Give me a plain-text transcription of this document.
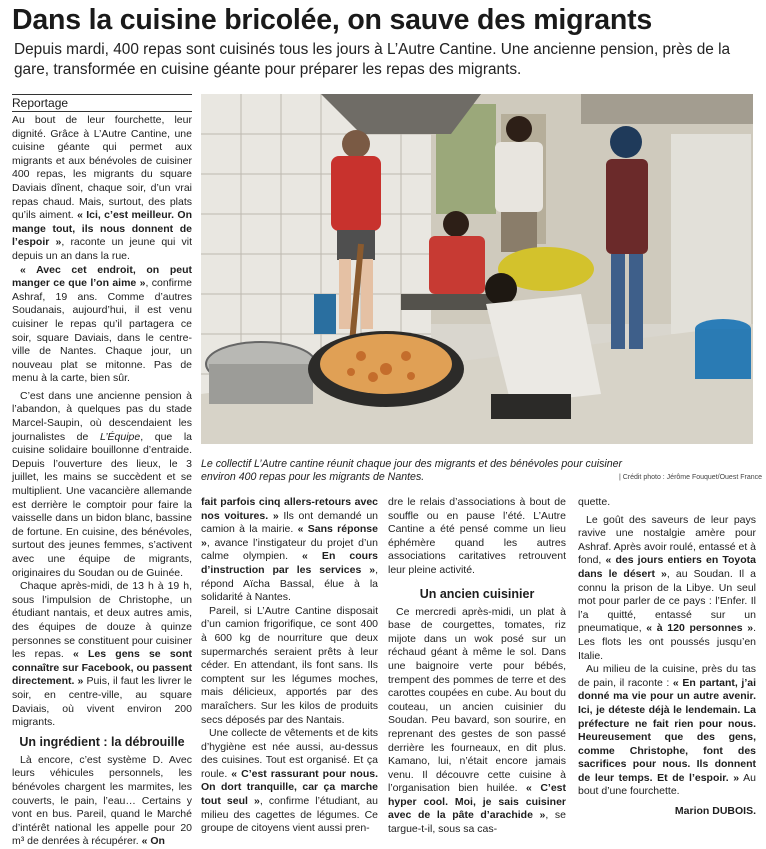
Dans la cuisine bricolée, on sauve des migrants
Depuis mardi, 400 repas sont cuisinés tous les jours à L’Autre Cantine. Une ancienne pension, près de la gare, transformée en cuisine géante pour préparer les repas des migrants.
Reportage
Le collectif L’Autre cantine réunit chaque jour des migrants et des bénévoles pour cuisiner environ 400 repas pour les migrants de Nantes.	| Crédit photo : Jérôme Fouquet/Ouest France

Au bout de leur fourchette, leur dignité. Grâce à L’Autre Cantine, une cuisine géante qui permet aux migrants et aux bénévoles de cuisiner 400 repas, les migrants du square Daviais dînent, chaque soir, d’un vrai repas chaud. Mais, surtout, des plats qu’ils aiment. « Ici, c’est meilleur. On mange tout, ils nous donnent de l’espoir », raconte un jeune qui vit depuis un an dans la rue.

« Avec cet endroit, on peut manger ce que l’on aime », confirme Ashraf, 19 ans. Comme d’autres Soudanais, aujourd’hui, il est venu cuisiner le repas qu’il partagera ce soir, square Daviais, dans le centre-ville de Nantes. Chaque jour, un nouveau plat se mitonne. Pas de menu à la carte, bien sûr.

C’est dans une ancienne pension à l’abandon, à quelques pas du stade Marcel-Saupin, où descendaient les journalistes de L’Équipe, que la cuisine solidaire bouillonne d’entraide. Depuis l’ouverture des lieux, le 3 juillet, les mains se succèdent et se multiplient. Une vacancière allemande est derrière le comptoir pour faire la vaisselle dans un bidon blanc, bassine de fortune. En cuisine, des bénévoles, surtout des jeunes femmes, s’activent avec une équipe de migrants, originaires du Soudan ou de Guinée.

Chaque après-midi, de 13 h à 19 h, sous l’impulsion de Christophe, un étudiant nantais, et deux autres amis, des équipes de douze à quinze personnes se constituent pour cuisiner les repas. « Les gens se sont connaître sur Facebook, ou passent directement. » Puis, il faut les livrer le soir, en centre-ville, au square Daviais, où vivent environ 200 migrants.

Un ingrédient : la débrouille

Là encore, c’est système D. Avec leurs véhicules personnels, les bénévoles chargent les marmites, les couverts, le pain, l’eau… Certains y vont en bus. Pareil, quand le Marché d’intérêt national les appelle pour 20 m³ de denrées à récupérer. « On

fait parfois cinq allers-retours avec nos voitures. » Ils ont demandé un camion à la mairie. « Sans réponse », avance l’instigateur du projet d’un calme olympien. « En cours d’instruction par les services », répond Aïcha Bassal, élue à la solidarité à Nantes.

Pareil, si L’Autre Cantine disposait d’un camion frigorifique, ce sont 400 à 600 kg de nourriture que deux supermarchés seraient prêts à leur céder. En attendant, ils font sans. Ils comptent sur les légumes moches, mais délicieux, apportés par des maraîchers. Sur les kilos de produits secs déposés par des Nantais.

Une collecte de vêtements et de kits d’hygiène est née aussi, au-dessus des cuisines. Tout est organisé. Et ça roule. « C’est rassurant pour nous. On dort tranquille, car ça marche tout seul », confirme l’étudiant, au milieu des cagettes de légumes. Ce groupe de citoyens vient aussi pren-

dre le relais d’associations à bout de souffle ou en pause l’été. L’Autre Cantine a été pensé comme un lieu éphémère quand les autres associations caritatives retrouvent leur pleine activité.

Un ancien cuisinier

Ce mercredi après-midi, un plat à base de courgettes, tomates, riz mijote dans un wok posé sur un réchaud géant à même le sol. Dans une baignoire verte pour bébés, trempent des pommes de terre et des carottes coupées en cube. Au bout du couteau, un ancien cuisinier du Soudan. Peu bavard, son sourire, en reprenant des gestes de son passé derrière les fourneaux, en dit plus. Kamano, lui, n’était encore jamais venu. Il découvre cette cuisine à l’organisation bien huilée. « C’est hyper cool. Moi, je sais cuisiner avec de la pâte d’arachide », se targue-t-il, sous sa cas-

quette.

Le goût des saveurs de leur pays ravive une nostalgie amère pour Ashraf. Après avoir roulé, entassé et à fond, « des jours entiers en Toyota dans le désert », au Soudan. Il a connu la prison de la Libye. Un seul mot pour parler de ce pays : l’Enfer. Il l’a quitté, entassé sur un pneumatique, « à 120 personnes ». Les flots les ont poussés jusqu’en Italie.

Au milieu de la cuisine, près du tas de pain, il raconte : « En partant, j’ai donné ma vie pour un autre avenir. Ici, je déteste déjà le lendemain. La préfecture ne fait rien pour nous. Heureusement que des gens, comme Christophe, font des sacrifices pour nous. Ils donnent de leur temps. Et de l’espoir. » Au bout d’une fourchette.

Marion DUBOIS.
